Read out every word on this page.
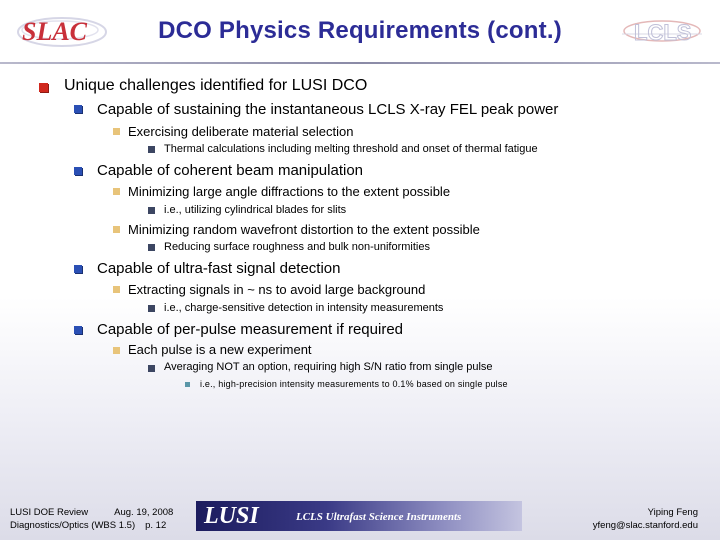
SLAC	DCO Physics Requirements (cont.)	LCLS
Unique challenges identified for LUSI DCO
Capable of sustaining the instantaneous LCLS X-ray FEL peak power
Exercising deliberate material selection
Thermal calculations including melting threshold and onset of thermal fatigue
Capable of coherent beam manipulation
Minimizing large angle diffractions to the extent possible
i.e., utilizing cylindrical blades for slits
Minimizing random wavefront distortion to the extent possible
Reducing surface roughness and bulk non-uniformities
Capable of ultra-fast signal detection
Extracting signals in ~ ns to avoid large background
i.e., charge-sensitive detection in intensity measurements
Capable of per-pulse measurement if required
Each pulse is a new experiment
Averaging NOT an option, requiring high S/N ratio from single pulse
i.e., high-precision intensity measurements to 0.1% based on single pulse
LUSI DOE Review	Aug. 19, 2008
Diagnostics/Optics (WBS 1.5) p. 12 LUSI	LCLS Ultrafast Science Instruments	Yiping Feng
yfeng@slac.stanford.edu
